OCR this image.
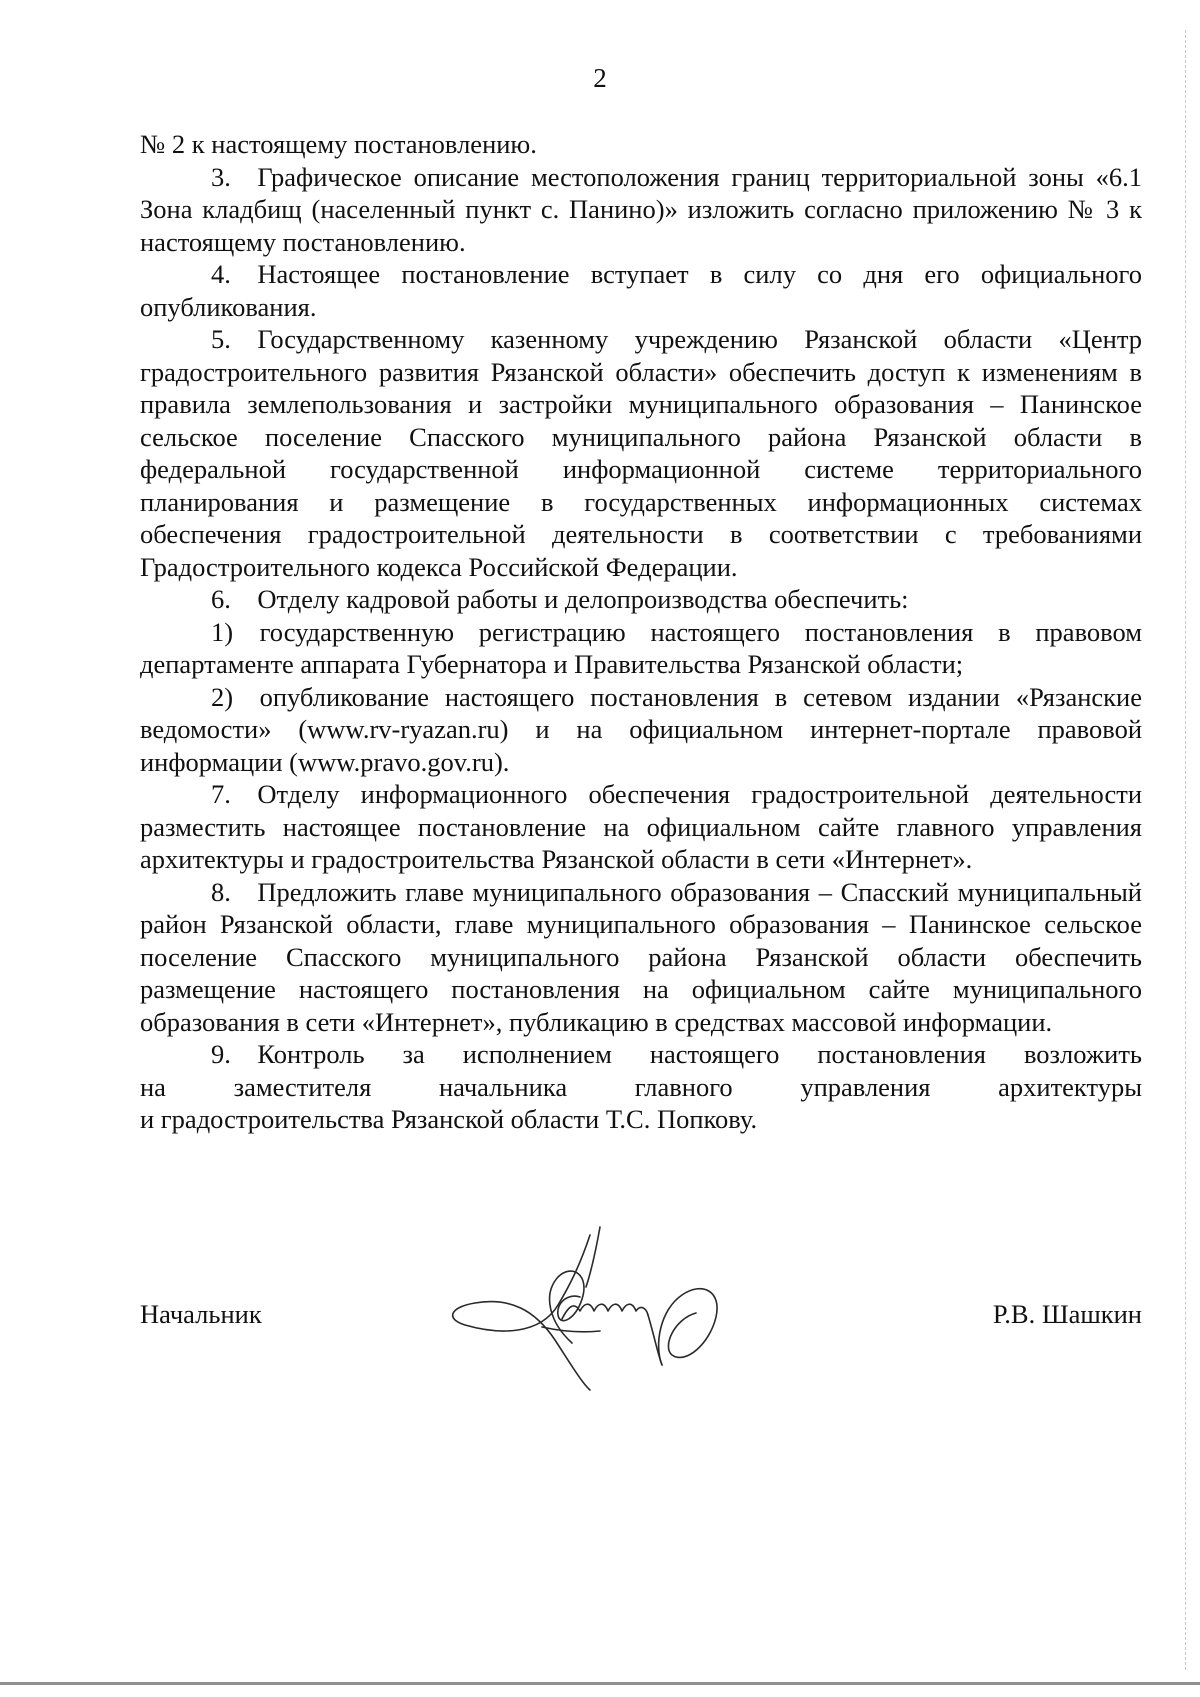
2

№ 2 к настоящему постановлению.

3. Графическое описание местоположения границ территориальной зоны «6.1 Зона кладбищ (населенный пункт с. Панино)» изложить согласно приложению № 3 к настоящему постановлению.

4. Настоящее постановление вступает в силу со дня его официального опубликования.

5. Государственному казенному учреждению Рязанской области «Центр градостроительного развития Рязанской области» обеспечить доступ к изменениям в правила землепользования и застройки муниципального образования – Панинское сельское поселение Спасского муниципального района Рязанской области в федеральной государственной информационной системе территориального планирования и размещение в государственных информационных системах обеспечения градостроительной деятельности в соответствии с требованиями Градостроительного кодекса Российской Федерации.

6. Отделу кадровой работы и делопроизводства обеспечить:

1) государственную регистрацию настоящего постановления в правовом департаменте аппарата Губернатора и Правительства Рязанской области;

2) опубликование настоящего постановления в сетевом издании «Рязанские ведомости» (www.rv-ryazan.ru) и на официальном интернет-портале правовой информации (www.pravo.gov.ru).

7. Отделу информационного обеспечения градостроительной деятельности разместить настоящее постановление на официальном сайте главного управления архитектуры и градостроительства Рязанской области в сети «Интернет».

8. Предложить главе муниципального образования – Спасский муниципальный район Рязанской области, главе муниципального образования – Панинское сельское поселение Спасского муниципального района Рязанской области обеспечить размещение настоящего постановления на официальном сайте муниципального образования в сети «Интернет», публикацию в средствах массовой информации.

9. Контроль за исполнением настоящего постановления возложить

на заместителя начальника главного управления архитектуры

и градостроительства Рязанской области Т.С. Попкову.

Начальник	Р.В. Шашкин
